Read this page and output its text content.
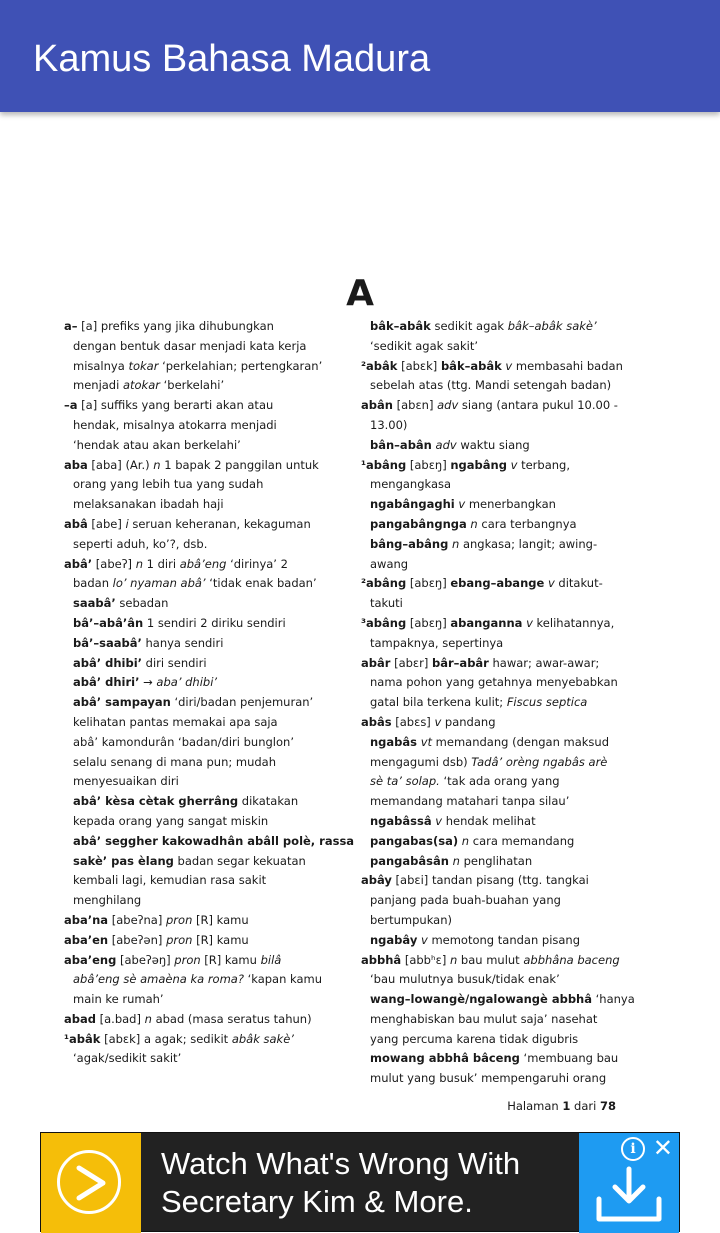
Kamus Bahasa Madura
A
a– [a] prefiks yang jika dihubungkan
dengan bentuk dasar menjadi kata kerja
misalnya tokar ‘perkelahian; pertengkaran’
menjadi atokar ‘berkelahi’
–a [a] suffiks yang berarti akan atau
hendak, misalnya atokarra menjadi
‘hendak atau akan berkelahi’
aba [aba] (Ar.) n 1 bapak 2 panggilan untuk
orang yang lebih tua yang sudah
melaksanakan ibadah haji
abâ [abe] i seruan keheranan, kekaguman
seperti aduh, ko’?, dsb.
abâ’ [abeʔ] n 1 diri abâ’eng ‘dirinya’ 2
badan lo’ nyaman abâ’ ‘tidak enak badan’
saabâ’ sebadan
bâ’–abâ’ân 1 sendiri 2 diriku sendiri
bâ’–saabâ’ hanya sendiri
abâ’ dhibi’ diri sendiri
abâ’ dhiri’ → aba’ dhibi’
abâ’ sampayan ‘diri/badan penjemuran’
kelihatan pantas memakai apa saja
abâ’ kamondurân ‘badan/diri bunglon’
selalu senang di mana pun; mudah
menyesuaikan diri
abâ’ kèsa cètak gherrâng dikatakan
kepada orang yang sangat miskin
abâ’ seggher kakowadhân abâll polè, rassa
sakè’ pas èlang badan segar kekuatan
kembali lagi, kemudian rasa sakit
menghilang
aba’na [abeʔna] pron [R] kamu
aba’en [abeʔən] pron [R] kamu
aba’eng [abeʔəŋ] pron [R] kamu bilâ
abâ’eng sè amaèna ka roma? ‘kapan kamu
main ke rumah’
abad [a.bad] n abad (masa seratus tahun)
¹abâk [abɛk] a agak; sedikit abâk sakè’
‘agak/sedikit sakit’
bâk–abâk sedikit agak bâk–abâk sakè’
‘sedikit agak sakit’
²abâk [abɛk] bâk–abâk v membasahi badan
sebelah atas (ttg. Mandi setengah badan)
abân [abɛn] adv siang (antara pukul 10.00 -
13.00)
bân–abân adv waktu siang
¹abâng [abɛŋ] ngabâng v terbang,
mengangkasa
ngabângaghi v menerbangkan
pangabângnga n cara terbangnya
bâng–abâng n angkasa; langit; awing-
awang
²abâng [abɛŋ] ebang–abange v ditakut-
takuti
³abâng [abɛŋ] abanganna v kelihatannya,
tampaknya, sepertinya
abâr [abɛr] bâr–abâr hawar; awar-awar;
nama pohon yang getahnya menyebabkan
gatal bila terkena kulit; Fiscus septica
abâs [abɛs] v pandang
ngabâs vt memandang (dengan maksud
mengagumi dsb) Tadâ’ orèng ngabâs arè
sè ta’ solap. ‘tak ada orang yang
memandang matahari tanpa silau’
ngabâssâ v hendak melihat
pangabas(sa) n cara memandang
pangabâsân n penglihatan
abây [abɛi] tandan pisang (ttg. tangkai
panjang pada buah-buahan yang
bertumpukan)
ngabây v memotong tandan pisang
abbhâ [abbʰɛ] n bau mulut abbhâna baceng
‘bau mulutnya busuk/tidak enak’
wang–lowangè/ngalowangè abbhâ ‘hanya
menghabiskan bau mulut saja’ nasehat
yang percuma karena tidak digubris
mowang abbhâ bâceng ‘membuang bau
mulut yang busuk’ mempengaruhi orang
Halaman 1 dari 78
Watch What's Wrong With
Secretary Kim & More.
i ✕
